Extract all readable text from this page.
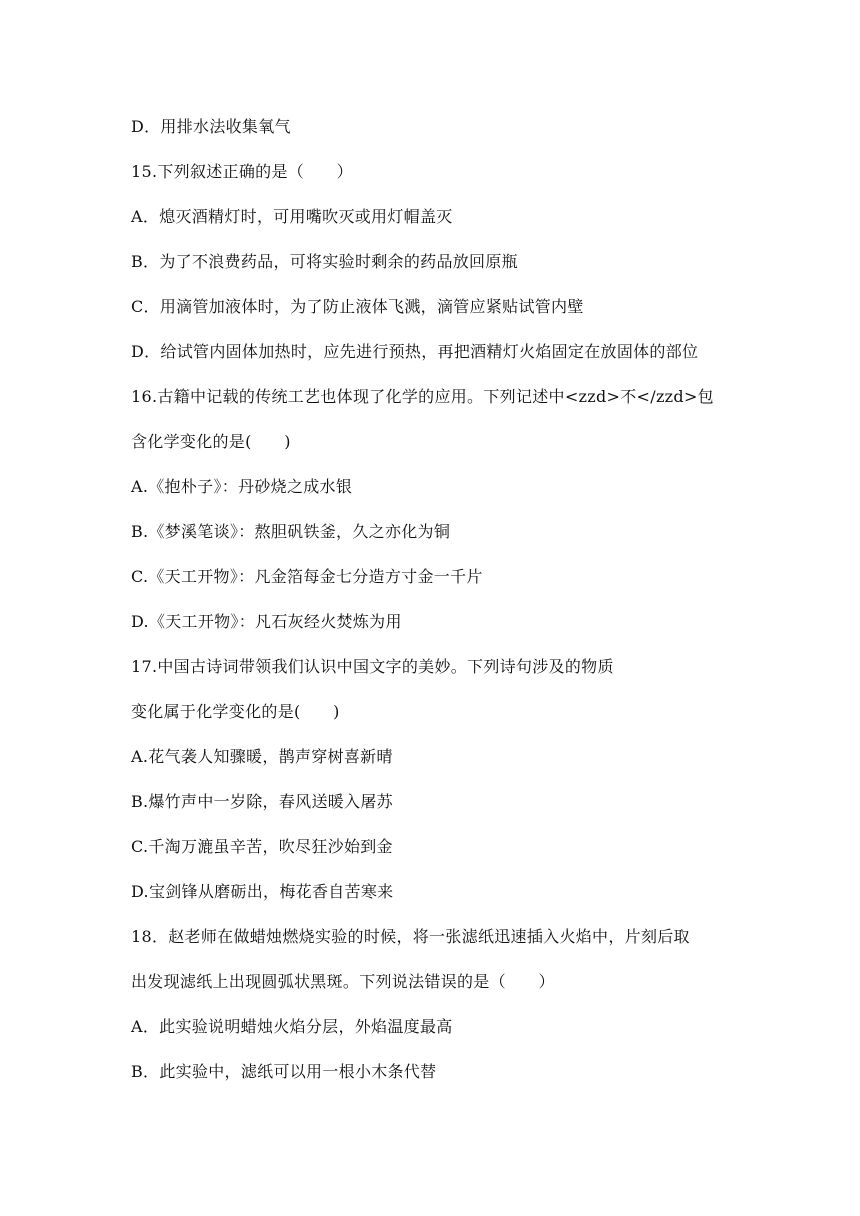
D．用排水法收集氧气
15.下列叙述正确的是（　　）
A．熄灭酒精灯时，可用嘴吹灭或用灯帽盖灭
B．为了不浪费药品，可将实验时剩余的药品放回原瓶
C．用滴管加液体时，为了防止液体飞溅，滴管应紧贴试管内壁
D．给试管内固体加热时，应先进行预热，再把酒精灯火焰固定在放固体的部位
16.古籍中记载的传统工艺也体现了化学的应用。下列记述中<zzd>不</zzd>包
含化学变化的是(　　)
A.《抱朴子》：丹砂烧之成水银
B.《梦溪笔谈》：熬胆矾铁釜，久之亦化为铜
C.《天工开物》：凡金箔每金七分造方寸金一千片
D.《天工开物》：凡石灰经火焚炼为用
17.中国古诗词带领我们认识中国文字的美妙。下列诗句涉及的物质
变化属于化学变化的是(　　)
A.花气袭人知骤暖，鹊声穿树喜新晴
B.爆竹声中一岁除，春风送暖入屠苏
C.千淘万漉虽辛苦，吹尽狂沙始到金
D.宝剑锋从磨砺出，梅花香自苦寒来
18．赵老师在做蜡烛燃烧实验的时候，将一张滤纸迅速插入火焰中，片刻后取
出发现滤纸上出现圆弧状黑斑。下列说法错误的是（　　）
A．此实验说明蜡烛火焰分层，外焰温度最高
B．此实验中，滤纸可以用一根小木条代替
